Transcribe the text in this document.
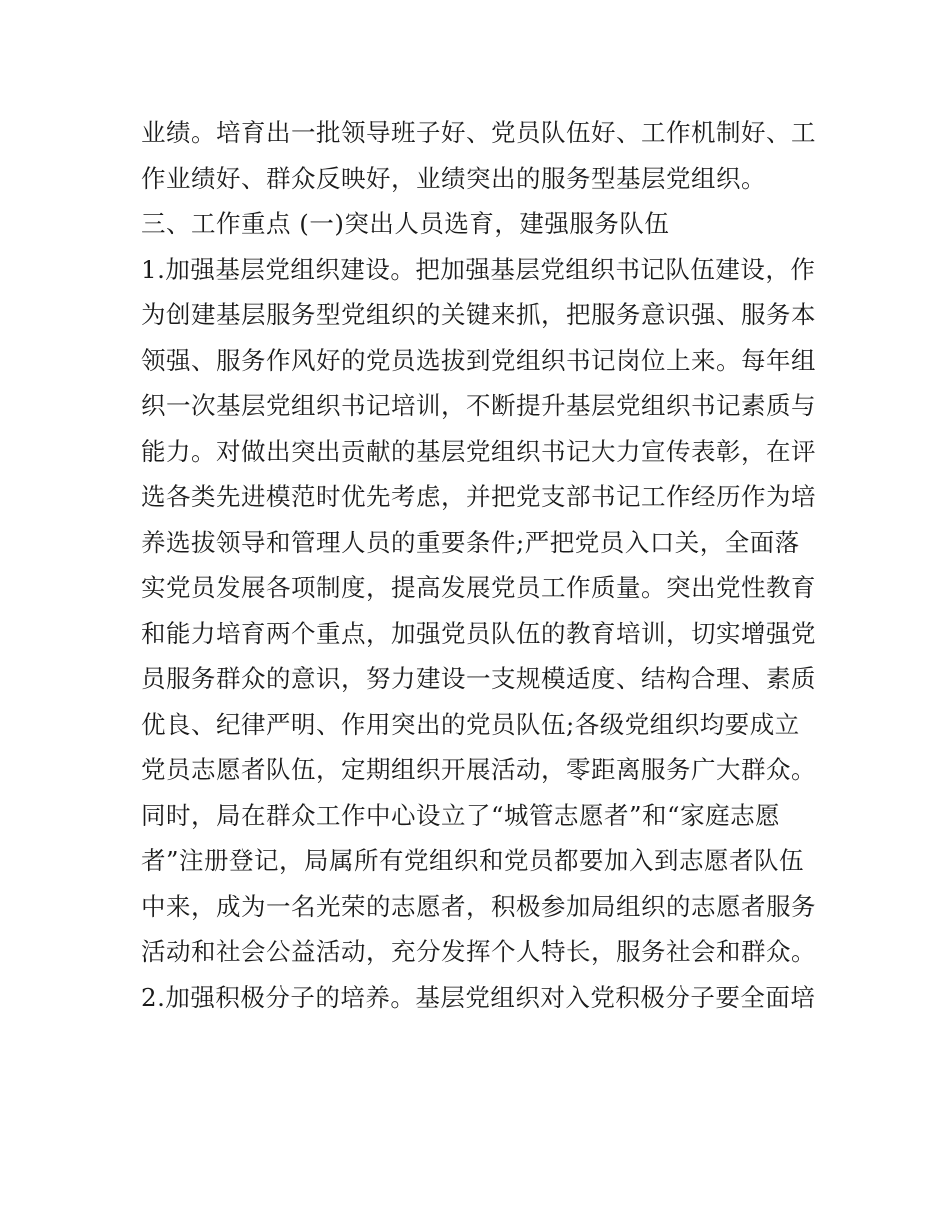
业绩。培育出一批领导班子好、党员队伍好、工作机制好、工
作业绩好、群众反映好，业绩突出的服务型基层党组织。
三、工作重点 (一)突出人员选育，建强服务队伍
1.加强基层党组织建设。把加强基层党组织书记队伍建设，作
为创建基层服务型党组织的关键来抓，把服务意识强、服务本
领强、服务作风好的党员选拔到党组织书记岗位上来。每年组
织一次基层党组织书记培训，不断提升基层党组织书记素质与
能力。对做出突出贡献的基层党组织书记大力宣传表彰，在评
选各类先进模范时优先考虑，并把党支部书记工作经历作为培
养选拔领导和管理人员的重要条件;严把党员入口关，全面落
实党员发展各项制度，提高发展党员工作质量。突出党性教育
和能力培育两个重点，加强党员队伍的教育培训，切实增强党
员服务群众的意识，努力建设一支规模适度、结构合理、素质
优良、纪律严明、作用突出的党员队伍;各级党组织均要成立
党员志愿者队伍，定期组织开展活动，零距离服务广大群众。
同时，局在群众工作中心设立了“城管志愿者”和“家庭志愿
者”注册登记，局属所有党组织和党员都要加入到志愿者队伍
中来，成为一名光荣的志愿者，积极参加局组织的志愿者服务
活动和社会公益活动，充分发挥个人特长，服务社会和群众。
2.加强积极分子的培养。基层党组织对入党积极分子要全面培
